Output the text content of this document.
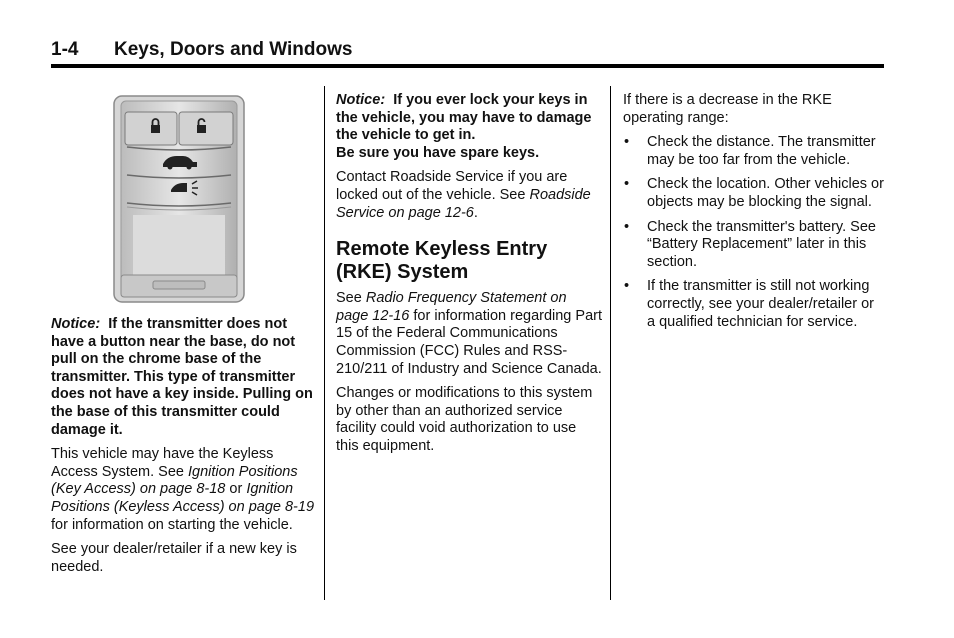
1-4 Keys, Doors and Windows

Notice: If the transmitter does not have a button near the base, do not pull on the chrome base of the transmitter. This type of transmitter does not have a key inside. Pulling on the base of this transmitter could damage it.

This vehicle may have the Keyless Access System. See Ignition Positions (Key Access) on page 8-18 or Ignition Positions (Keyless Access) on page 8-19 for information on starting the vehicle.

See your dealer/retailer if a new key is needed.

Notice: If you ever lock your keys in the vehicle, you may have to damage the vehicle to get in.
Be sure you have spare keys.

Contact Roadside Service if you are locked out of the vehicle. See Roadside Service on page 12-6.

Remote Keyless Entry (RKE) System

See Radio Frequency Statement on page 12-16 for information regarding Part 15 of the Federal Communications Commission (FCC) Rules and RSS-210/211 of Industry and Science Canada.

Changes or modifications to this system by other than an authorized service facility could void authorization to use this equipment.

If there is a decrease in the RKE operating range:

• Check the distance. The transmitter may be too far from the vehicle.
• Check the location. Other vehicles or objects may be blocking the signal.
• Check the transmitter's battery. See “Battery Replacement” later in this section.
• If the transmitter is still not working correctly, see your dealer/retailer or a qualified technician for service.
